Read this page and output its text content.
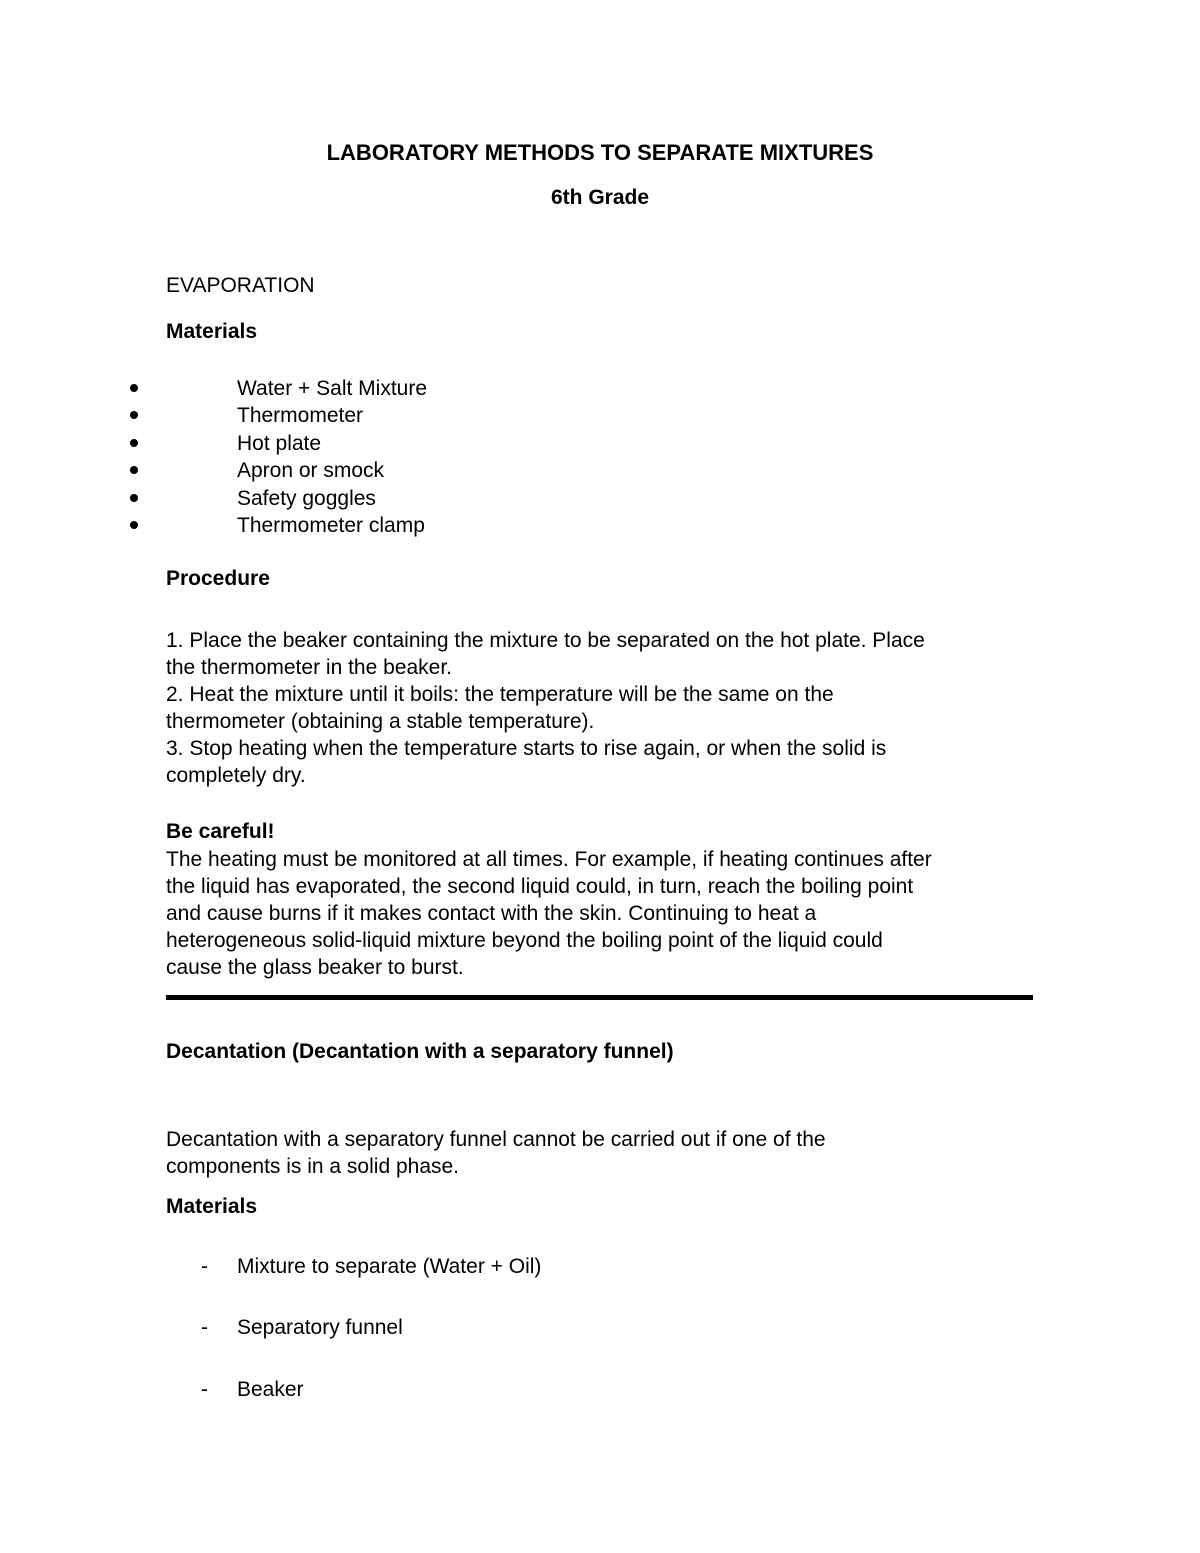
LABORATORY METHODS TO SEPARATE MIXTURES
6th Grade
EVAPORATION
Materials
Water + Salt Mixture
Thermometer
Hot plate
Apron or smock
Safety goggles
Thermometer clamp
Procedure
1. Place the beaker containing the mixture to be separated on the hot plate. Place
the thermometer in the beaker.
2. Heat the mixture until it boils: the temperature will be the same on the
thermometer (obtaining a stable temperature).
3. Stop heating when the temperature starts to rise again, or when the solid is
completely dry.
Be careful!
The heating must be monitored at all times. For example, if heating continues after
the liquid has evaporated, the second liquid could, in turn, reach the boiling point
and cause burns if it makes contact with the skin. Continuing to heat a
heterogeneous solid-liquid mixture beyond the boiling point of the liquid could
cause the glass beaker to burst.
Decantation (Decantation with a separatory funnel)
Decantation with a separatory funnel cannot be carried out if one of the
components is in a solid phase.
Materials
- Mixture to separate (Water + Oil)
- Separatory funnel
- Beaker
